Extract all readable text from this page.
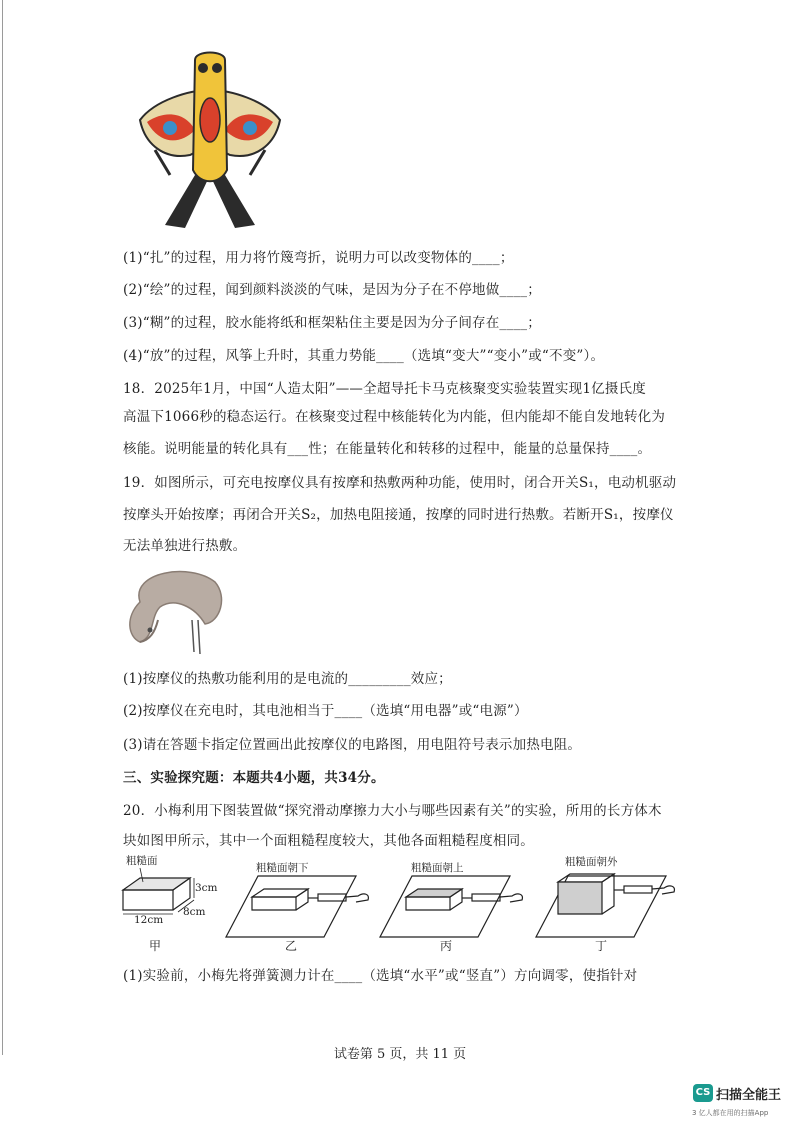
(1)“扎”的过程，用力将竹篾弯折，说明力可以改变物体的____；
(2)“绘”的过程，闻到颜料淡淡的气味，是因为分子在不停地做____；
(3)“糊”的过程，胶水能将纸和框架粘住主要是因为分子间存在____；
(4)“放”的过程，风筝上升时，其重力势能____（选填“变大”“变小”或“不变”）。
18．2025年1月，中国“人造太阳”——全超导托卡马克核聚变实验装置实现1亿摄氏度
高温下1066秒的稳态运行。在核聚变过程中核能转化为内能，但内能却不能自发地转化为
核能。说明能量的转化具有___性；在能量转化和转移的过程中，能量的总量保持____。
19．如图所示，可充电按摩仪具有按摩和热敷两种功能，使用时，闭合开关S₁，电动机驱动
按摩头开始按摩；再闭合开关S₂，加热电阻接通，按摩的同时进行热敷。若断开S₁，按摩仪
无法单独进行热敷。
(1)按摩仪的热敷功能利用的是电流的_________效应；
(2)按摩仪在充电时，其电池相当于____（选填“用电器”或“电源”）
(3)请在答题卡指定位置画出此按摩仪的电路图，用电阻符号表示加热电阻。
三、实验探究题：本题共4小题，共34分。
20．小梅利用下图装置做“探究滑动摩擦力大小与哪些因素有关”的实验，所用的长方体木
块如图甲所示，其中一个面粗糙程度较大，其他各面粗糙程度相同。
粗糙面
3cm
12cm
8cm
粗糙面朝下	粗糙面朝上	粗糙面朝外
甲	乙	丙	丁
(1)实验前，小梅先将弹簧测力计在____（选填“水平”或“竖直”）方向调零，使指针对
试卷第 5 页，共 11 页
CS 扫描全能王
3 亿人都在用的扫描App
